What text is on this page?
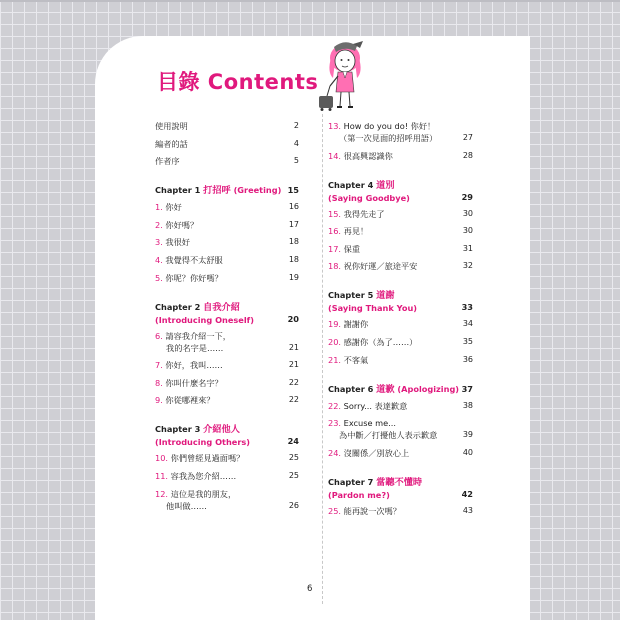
目錄 Contents
使用說明	2
編者的話	4
作者序	5
Chapter 1 打招呼 (Greeting) 15
1. 你好	16
2. 你好嗎？	17
3. 我很好	18
4. 我覺得不太舒服	18
5. 你呢？你好嗎？	19
Chapter 2 自我介紹
(Introducing Oneself)	20
6. 請容我介紹一下，
我的名字是……	21
7. 你好，我叫……	21
8. 你叫什麼名字？	22
9. 你從哪裡來？	22
Chapter 3 介紹他人
(Introducing Others)	24
10. 你們曾經見過面嗎？	25
11. 容我為您介紹……	25
12. 這位是我的朋友，
他叫做……	26
13. How do you do! 你好！
（第一次見面的招呼用語）	27
14. 很高興認識你	28
Chapter 4 道別
(Saying Goodbye)	29
15. 我得先走了	30
16. 再見！	30
17. 保重	31
18. 祝你好運／旅途平安	32
Chapter 5 道謝
(Saying Thank You)	33
19. 謝謝你	34
20. 感謝你（為了……）	35
21. 不客氣	36
Chapter 6 道歉 (Apologizing) 37
22. Sorry... 表達歉意	38
23. Excuse me...
為中斷／打擾他人表示歉意	39
24. 沒關係／別放心上	40
Chapter 7 當聽不懂時
(Pardon me?)	42
25. 能再說一次嗎？	43
6
